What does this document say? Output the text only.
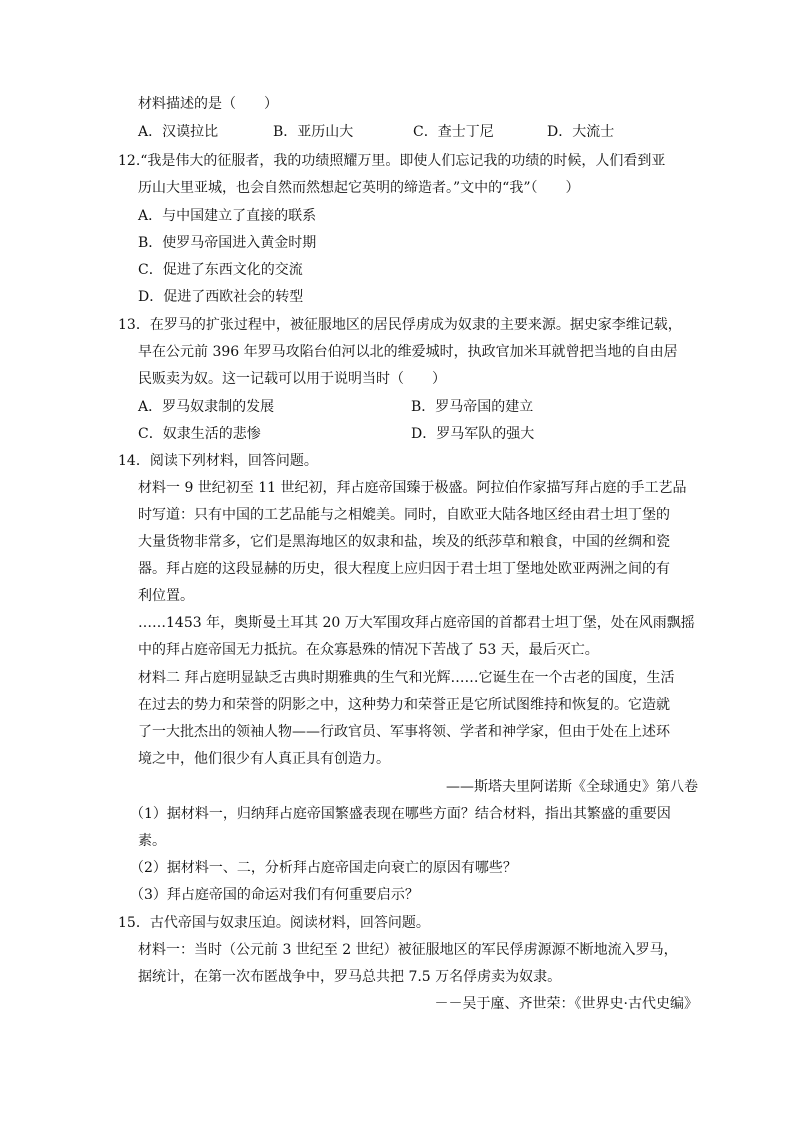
材料描述的是（　　）
A．汉谟拉比	B．亚历山大	C．查士丁尼	D．大流士
12.“我是伟大的征服者，我的功绩照耀万里。即使人们忘记我的功绩的时候，人们看到亚
历山大里亚城，也会自然而然想起它英明的缔造者。”文中的“我”（　　）
A．与中国建立了直接的联系
B．使罗马帝国进入黄金时期
C．促进了东西文化的交流
D．促进了西欧社会的转型
13．在罗马的扩张过程中，被征服地区的居民俘虏成为奴隶的主要来源。据史家李维记载，
早在公元前 396 年罗马攻陷台伯河以北的维爱城时，执政官加米耳就曾把当地的自由居
民贩卖为奴。这一记载可以用于说明当时（　　）
A．罗马奴隶制的发展	B．罗马帝国的建立
C．奴隶生活的悲惨	D．罗马军队的强大
14．阅读下列材料，回答问题。
材料一 9 世纪初至 11 世纪初，拜占庭帝国臻于极盛。阿拉伯作家描写拜占庭的手工艺品
时写道：只有中国的工艺品能与之相媲美。同时，自欧亚大陆各地区经由君士坦丁堡的
大量货物非常多，它们是黑海地区的奴隶和盐，埃及的纸莎草和粮食，中国的丝绸和瓷
器。拜占庭的这段显赫的历史，很大程度上应归因于君士坦丁堡地处欧亚两洲之间的有
利位置。
……1453 年，奥斯曼土耳其 20 万大军围攻拜占庭帝国的首都君士坦丁堡，处在风雨飘摇
中的拜占庭帝国无力抵抗。在众寡悬殊的情况下苦战了 53 天，最后灭亡。
材料二 拜占庭明显缺乏古典时期雅典的生气和光辉……它诞生在一个古老的国度，生活
在过去的势力和荣誉的阴影之中，这种势力和荣誉正是它所试图维持和恢复的。它造就
了一大批杰出的领袖人物——行政官员、军事将领、学者和神学家，但由于处在上述环
境之中，他们很少有人真正具有创造力。
——斯塔夫里阿诺斯《全球通史》第八卷
（1）据材料一，归纳拜占庭帝国繁盛表现在哪些方面？结合材料，指出其繁盛的重要因
素。
（2）据材料一、二，分析拜占庭帝国走向衰亡的原因有哪些？
（3）拜占庭帝国的命运对我们有何重要启示？
15．古代帝国与奴隶压迫。阅读材料，回答问题。
材料一：当时（公元前 3 世纪至 2 世纪）被征服地区的军民俘虏源源不断地流入罗马，
据统计，在第一次布匿战争中，罗马总共把 7.5 万名俘虏卖为奴隶。
－－吴于廑、齐世荣：《世界史·古代史编》
